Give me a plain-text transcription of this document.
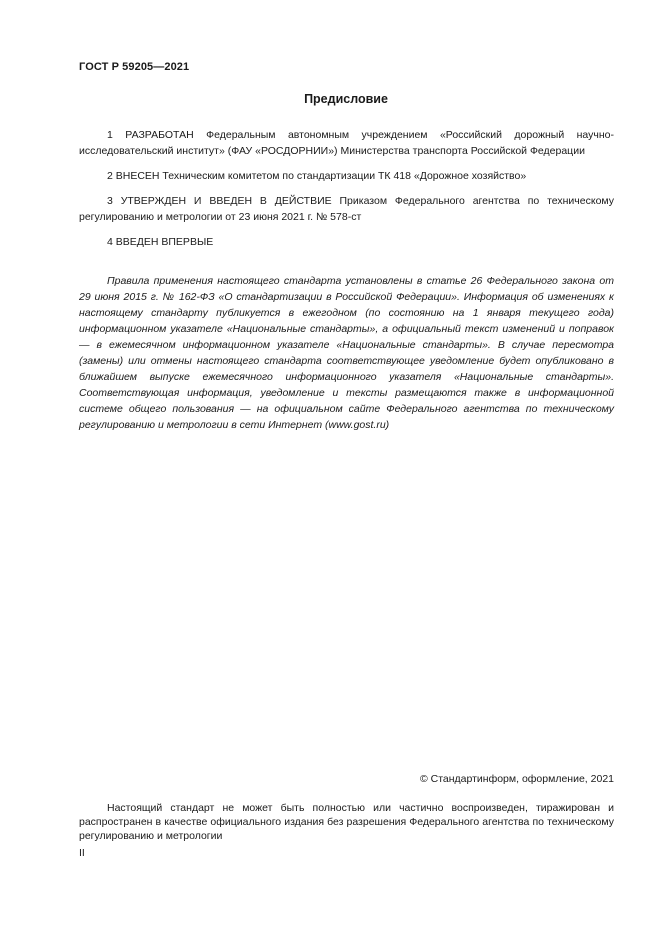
ГОСТ Р 59205—2021
Предисловие

1 РАЗРАБОТАН Федеральным автономным учреждением «Российский дорожный научно-исследовательский институт» (ФАУ «РОСДОРНИИ») Министерства транспорта Российской Федерации

2 ВНЕСЕН Техническим комитетом по стандартизации ТК 418 «Дорожное хозяйство»

3 УТВЕРЖДЕН И ВВЕДЕН В ДЕЙСТВИЕ Приказом Федерального агентства по техническому регулированию и метрологии от 23 июня 2021 г. № 578-ст

4 ВВЕДЕН ВПЕРВЫЕ

Правила применения настоящего стандарта установлены в статье 26 Федерального закона от 29 июня 2015 г. № 162-ФЗ «О стандартизации в Российской Федерации». Информация об изменениях к настоящему стандарту публикуется в ежегодном (по состоянию на 1 января текущего года) информационном указателе «Национальные стандарты», а официальный текст изменений и поправок — в ежемесячном информационном указателе «Национальные стандарты». В случае пересмотра (замены) или отмены настоящего стандарта соответствующее уведомление будет опубликовано в ближайшем выпуске ежемесячного информационного указателя «Национальные стандарты». Соответствующая информация, уведомление и тексты размещаются также в информационной системе общего пользования — на официальном сайте Федерального агентства по техническому регулированию и метрологии в сети Интернет (www.gost.ru)

© Стандартинформ, оформление, 2021

Настоящий стандарт не может быть полностью или частично воспроизведен, тиражирован и распространен в качестве официального издания без разрешения Федерального агентства по техническому регулированию и метрологии

II
